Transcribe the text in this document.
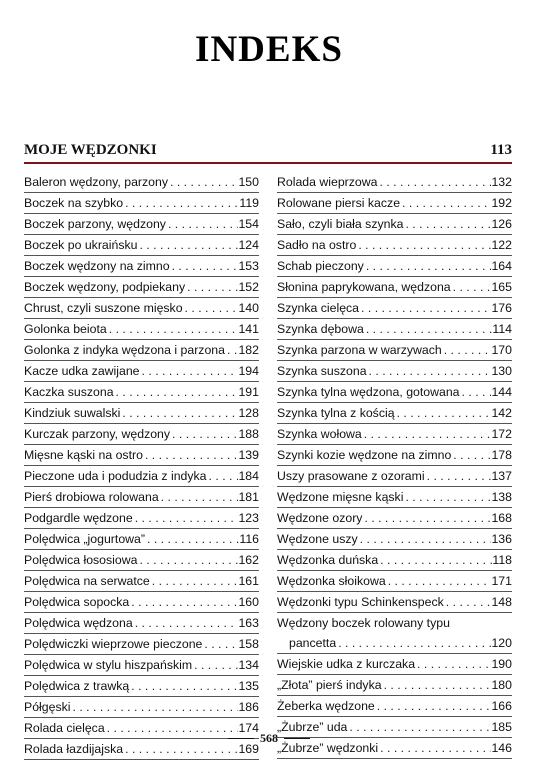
INDEKS
MOJE WĘDZONKI	113
Baleron wędzony, parzony . . .	150
Boczek na szybko . . .	119
Boczek parzony, wędzony . . .	154
Boczek po ukraińsku . . .	124
Boczek wędzony na zimno . . .	153
Boczek wędzony, podpiekany . . .	152
Chrust, czyli suszone mięsko . . .	140
Golonka beiota . . .	141
Golonka z indyka wędzona i parzona . . . 182
Kacze udka zawijane . . .	194
Kaczka suszona . . .	191
Kindziuk suwalski . . .	128
Kurczak parzony, wędzony . . .	188
Mięsne kąski na ostro . . .	139
Pieczone uda i podudzia z indyka . . .	184
Pierś drobiowa rolowana . . .	181
Podgardle wędzone . . .	123
Polędwica „jogurtowa” . . .	116
Polędwica łososiowa . . .	162
Polędwica na serwatce . . .	161
Polędwica sopocka . . .	160
Polędwica wędzona . . .	163
Polędwiczki wieprzowe pieczone . . .	158
Polędwica w stylu hiszpańskim . . .	134
Polędwica z trawką . . .	135
Półgęski . . .	186
Rolada cielęca . . .	174
Rolada łazdijajska . . .	169
Rolada wieprzowa . . .	132
Rolowane piersi kacze . . .	192
Sało, czyli biała szynka . . .	126
Sadło na ostro . . .	122
Schab pieczony . . .	164
Słonina paprykowana, wędzona . . .	165
Szynka cielęca . . .	176
Szynka dębowa . . .	114
Szynka parzona w warzywach . . .	170
Szynka suszona . . .	130
Szynka tylna wędzona, gotowana . . .	144
Szynka tylna z kością . . .	142
Szynka wołowa . . .	172
Szynki kozie wędzone na zimno . . .	178
Uszy prasowane z ozorami . . .	137
Wędzone mięsne kąski . . .	138
Wędzone ozory . . .	168
Wędzone uszy . . .	136
Wędzonka duńska . . .	118
Wędzonka słoikowa . . .	171
Wędzonki typu Schinkenspeck . . .	148
Wędzony boczek rolowany typu
pancetta . . .	120
Wiejskie udka z kurczaka . . .	190
„Złota” pierś indyka . . .	180
Żeberka wędzone . . .	166
„Żubrze” uda . . .	185
„Żubrze” wędzonki . . .	146
568
